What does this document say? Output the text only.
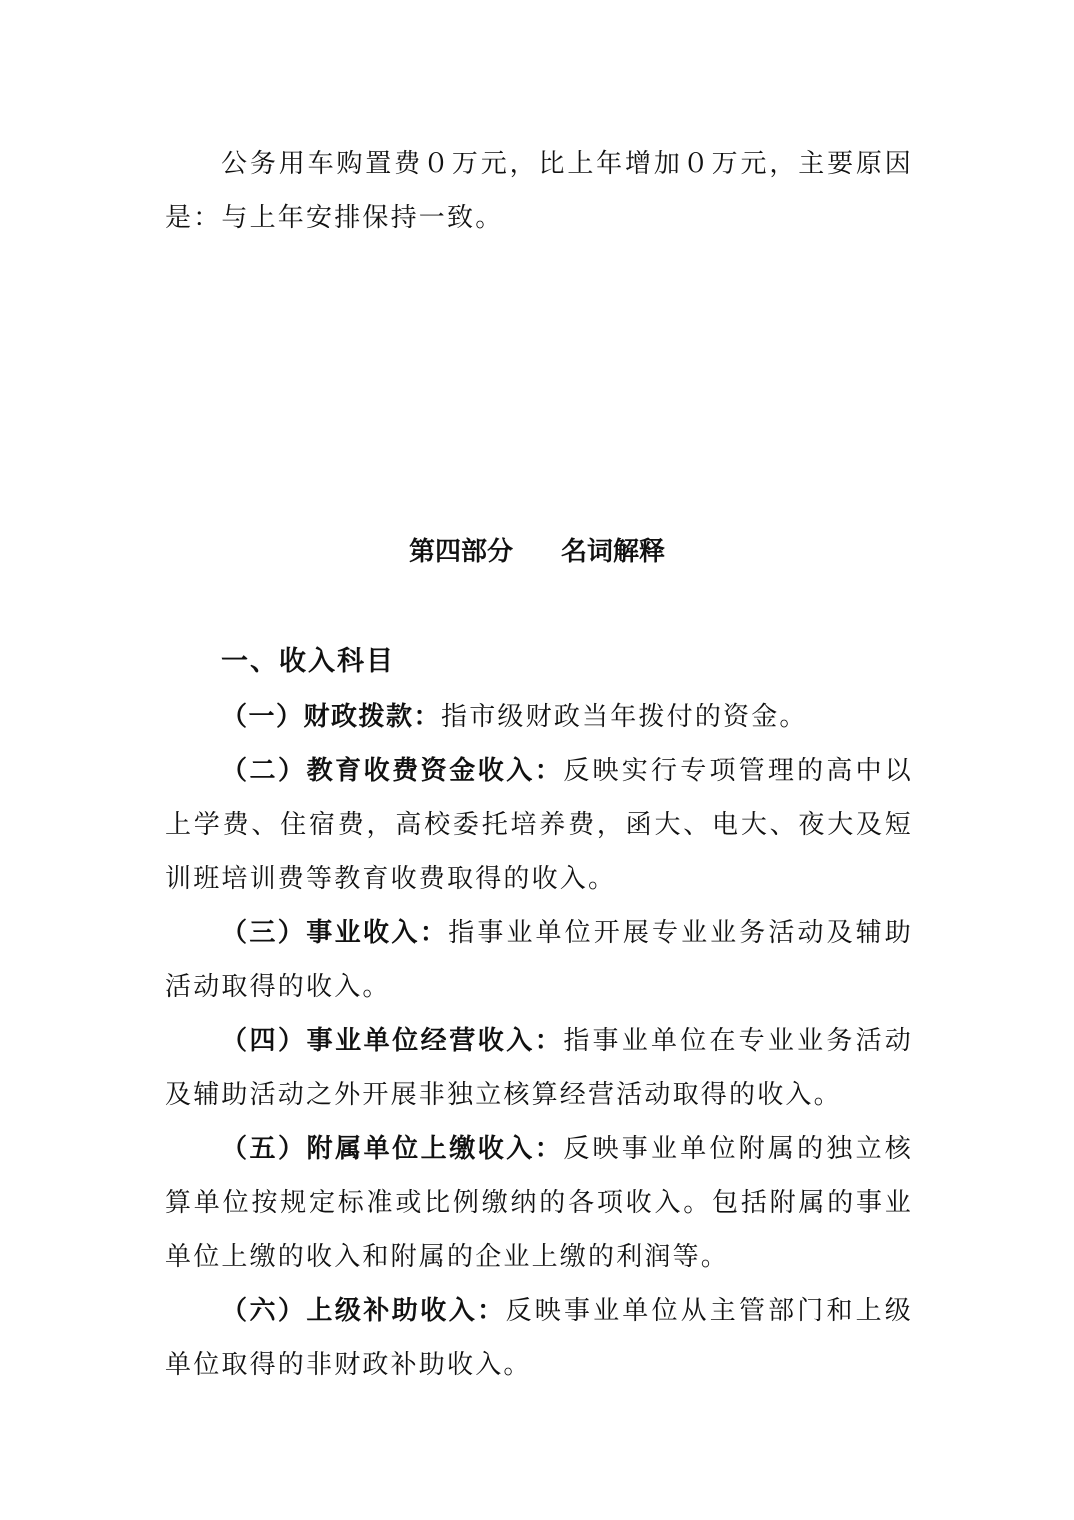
公务用车购置费０万元，比上年增加０万元，主要原因是：与上年安排保持一致。

第四部分 名词解释
一、收入科目

（一）财政拨款：指市级财政当年拨付的资金。

（二）教育收费资金收入：反映实行专项管理的高中以上学费、住宿费，高校委托培养费，函大、电大、夜大及短训班培训费等教育收费取得的收入。

（三）事业收入：指事业单位开展专业业务活动及辅助活动取得的收入。

（四）事业单位经营收入：指事业单位在专业业务活动及辅助活动之外开展非独立核算经营活动取得的收入。

（五）附属单位上缴收入：反映事业单位附属的独立核算单位按规定标准或比例缴纳的各项收入。包括附属的事业单位上缴的收入和附属的企业上缴的利润等。

（六）上级补助收入：反映事业单位从主管部门和上级单位取得的非财政补助收入。
